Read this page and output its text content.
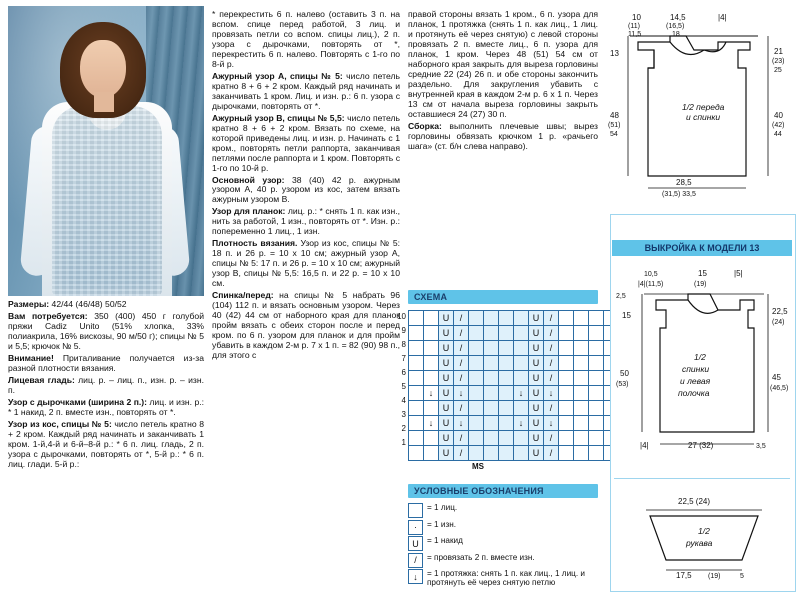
Размеры: 42/44 (46/48) 50/52

Вам потребуется: 350 (400) 450 г голубой пряжи Cadiz Unito (51% хлопка, 33% полиакрила, 16% вискозы, 90 м/50 г); спицы № 5 и 5,5; крючок № 5.

Внимание! Приталивание получается из-за разной плотности вязания.

Лицевая гладь: лиц. р. – лиц. п., изн. р. – изн. п.

Узор с дырочками (ширина 2 п.): лиц. и изн. р.: * 1 накид, 2 п. вместе изн., повторять от *.

Узор из кос, спицы № 5: число петель кратно 8 + 2 кром. Каждый ряд начинать и заканчивать 1 кром. 1-й,4-й и 6-й–8-й р.: * 6 п. лиц. гладь, 2 п. узора с дырочками, повторять от *, 5-й р.: * 6 п. лиц. глади. 5-й р.:

* перекрестить 6 п. налево (оставить 3 п. на вспом. спице перед работой, 3 лиц. и провязать петли со вспом. спицы лиц.), 2 п. узора с дырочками, повторять от *, перекрестить 6 п. налево. Повторять с 1-го по 8-й р.

Ажурный узор А, спицы № 5: число петель кратно 8 + 6 + 2 кром. Каждый ряд начинать и заканчивать 1 кром. Лиц. и изн. р.: 6 п. узора с дырочками, повторять от *.

Ажурный узор В, спицы № 5,5: число петель кратно 8 + 6 + 2 кром. Вязать по схеме, на которой приведены лиц. и изн. р. Начинать с 1 кром., повторять петли раппорта, заканчивая петлями после раппорта и 1 кром. Повторять с 1-го по 10-й р.

Основной узор: 38 (40) 42 р. ажурным узором А, 40 р. узором из кос, затем вязать ажурным узором В.

Узор для планок: лиц. р.: * снять 1 п. как изн., нить за работой, 1 изн., повторять от *. Изн. р.: попеременно 1 лиц., 1 изн.

Плотность вязания. Узор из кос, спицы № 5: 18 п. и 26 р. = 10 х 10 см; ажурный узор А, спицы № 5: 17 п. и 26 р. = 10 х 10 см; ажурный узор В, спицы № 5,5: 16,5 п. и 22 р. = 10 х 10 см.

Спинка/перед: на спицы № 5 набрать 96 (104) 112 п. и вязать основным узором. Через 40 (42) 44 см от наборного края для планок пройм вязать с обеих сторон после и перед кром. по 6 п. узором для планок и для пройм убавить в каждом 2-м р. 7 х 1 п. = 82 (90) 98 п., для этого с

правой стороны вязать 1 кром., 6 п. узора для планок, 1 протяжка (снять 1 п. как лиц., 1 лиц. и протянуть её через снятую) с левой стороны провязать 2 п. вместе лиц., 6 п. узора для планок, 1 кром. Через 48 (51) 54 см от наборного края закрыть для выреза горловины средние 22 (24) 26 п. и обе стороны закончить раздельно. Для закругления убавить с внутренней края в каждом 2-м р. 6 х 1 п. Через 13 см от начала выреза горловины закрыть оставшиеся 24 (27) 30 п.

Сборка: выполнить плечевые швы; вырез горловины обвязать крючком 1 р. «рачьего шага» (ст. б/н слева направо).

СХЕМА
10
9
8
7
6
5
4
3
2
1
		U	/					U	/				
		U	/					U	/				
		U	/					U	/				
		U	/					U	/				
		U	/					U	/				
	↓	U	↓				↓	U	↓				
		U	/					U	/				
	↓	U	↓				↓	U	↓				
		U	/					U	/				
		U	/					U	/				
MS
УСЛОВНЫЕ ОБОЗНАЧЕНИЯ
= 1 лиц.
·	= 1 изн.
U	= 1 накид
/	= провязать 2 п. вместе изн.
↓	= 1 протяжка: снять 1 п. как лиц., 1 лиц. и протянуть её через снятую петлю
10
(11)
11,5
14,5
(16,5)
18
|4|
13
48
(51)
54
21
(23)
25
40
(42)
44
28,5
(31,5) 33,5
1/2 переда
и спинки
ВЫКРОЙКА К МОДЕЛИ 13
10,5
|4|(11,5)
15
(19)
|5|
2,5
15
50
(53)
22,5
(24)
45
(46,5)
|4|	27 (32)	3,5
1/2
спинки
и левая
полочка
22,5 (24)
17,5 (19)	5
1/2
рукава
